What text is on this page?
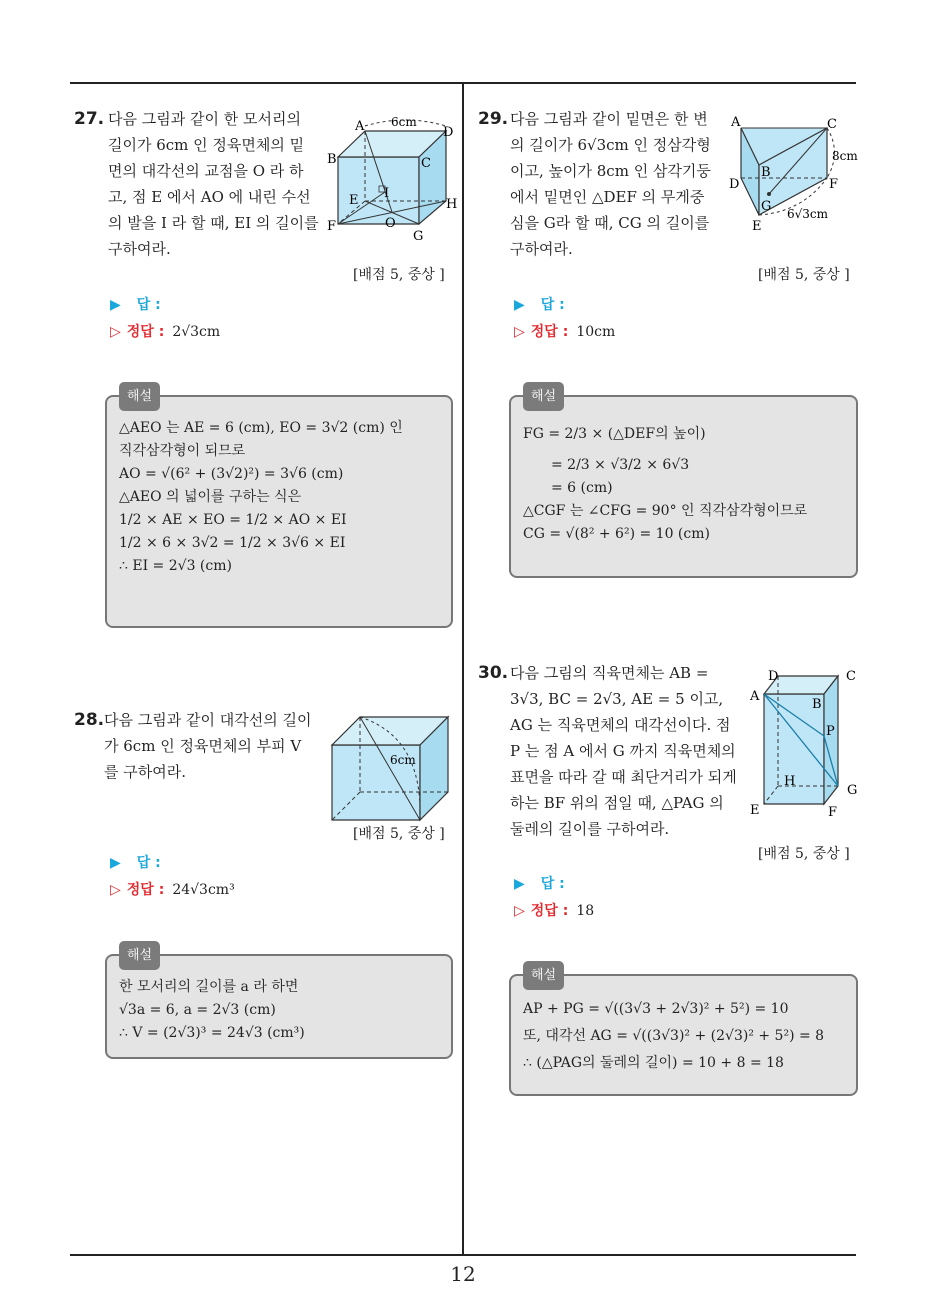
12
27. 다음 그림과 같이 한 모서리의
길이가 6cm 인 정육면체의 밑
면의 대각선의 교점을 O 라 하
고, 점 E 에서 AO 에 내린 수선
의 발을 I 라 할 때, EI 의 길이를
구하여라.
A	D
B	C
E I
F	O
G
H
6cm
[배점 5, 중상 ]
▶ 답 :
▷ 정답 : 2√3cm
해설
△AEO 는 AE = 6 (cm), EO = 3√2 (cm) 인
직각삼각형이 되므로
AO = √(6² + (3√2)²) = 3√6 (cm)
△AEO 의 넓이를 구하는 식은
1/2 × AE × EO = 1/2 × AO × EI
1/2 × 6 × 3√2 = 1/2 × 3√6 × EI
∴ EI = 2√3 (cm)
28. 다음 그림과 같이 대각선의 길이
가 6cm 인 정육면체의 부피 V
를 구하여라.
6cm
[배점 5, 중상 ]
▶ 답 :
▷ 정답 : 24√3cm³
해설
한 모서리의 길이를 a 라 하면
√3a = 6, a = 2√3 (cm)
∴ V = (2√3)³ = 24√3 (cm³)
29. 다음 그림과 같이 밑면은 한 변
의 길이가 6√3cm 인 정삼각형
이고, 높이가 8cm 인 삼각기둥
에서 밑면인 △DEF 의 무게중
심을 G라 할 때, CG 의 길이를
구하여라.
A	C
B
D	F
G
E
8cm
6√3cm
[배점 5, 중상 ]
▶ 답 :
▷ 정답 : 10cm
해설
FG = 2/3 × (△DEF의 높이)
= 2/3 × √3/2 × 6√3
= 6 (cm)
△CGF 는 ∠CFG = 90° 인 직각삼각형이므로
CG = √(8² + 6²) = 10 (cm)
30. 다음 그림의 직육면체는 AB =
3√3, BC = 2√3, AE = 5 이고,
AG 는 직육면체의 대각선이다. 점
P 는 점 A 에서 G 까지 직육면체의
표면을 따라 갈 때 최단거리가 되게
하는 BF 위의 점일 때, △PAG 의
둘레의 길이를 구하여라.
D	C
A
B
P
H
G
E	F
[배점 5, 중상 ]
▶ 답 :
▷ 정답 : 18
해설
AP + PG = √((3√3 + 2√3)² + 5²) = 10
또, 대각선 AG = √((3√3)² + (2√3)² + 5²) = 8
∴ (△PAG의 둘레의 길이) = 10 + 8 = 18
